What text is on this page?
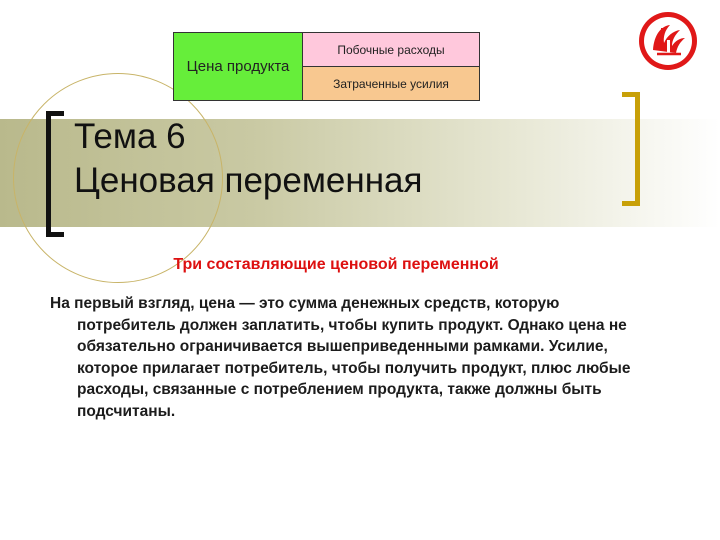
Цена продукта
Побочные расходы
Затраченные усилия
Тема 6
Ценовая переменная
Три составляющие ценовой переменной
На первый взгляд, цена — это сумма денежных средств, которую потребитель должен заплатить, чтобы купить продукт. Однако цена не обязательно ограничивается вышеприведенными рамками. Усилие, которое прилагает потребитель, чтобы получить продукт, плюс любые расходы, связанные с потреблением продукта, также должны быть подсчитаны.
